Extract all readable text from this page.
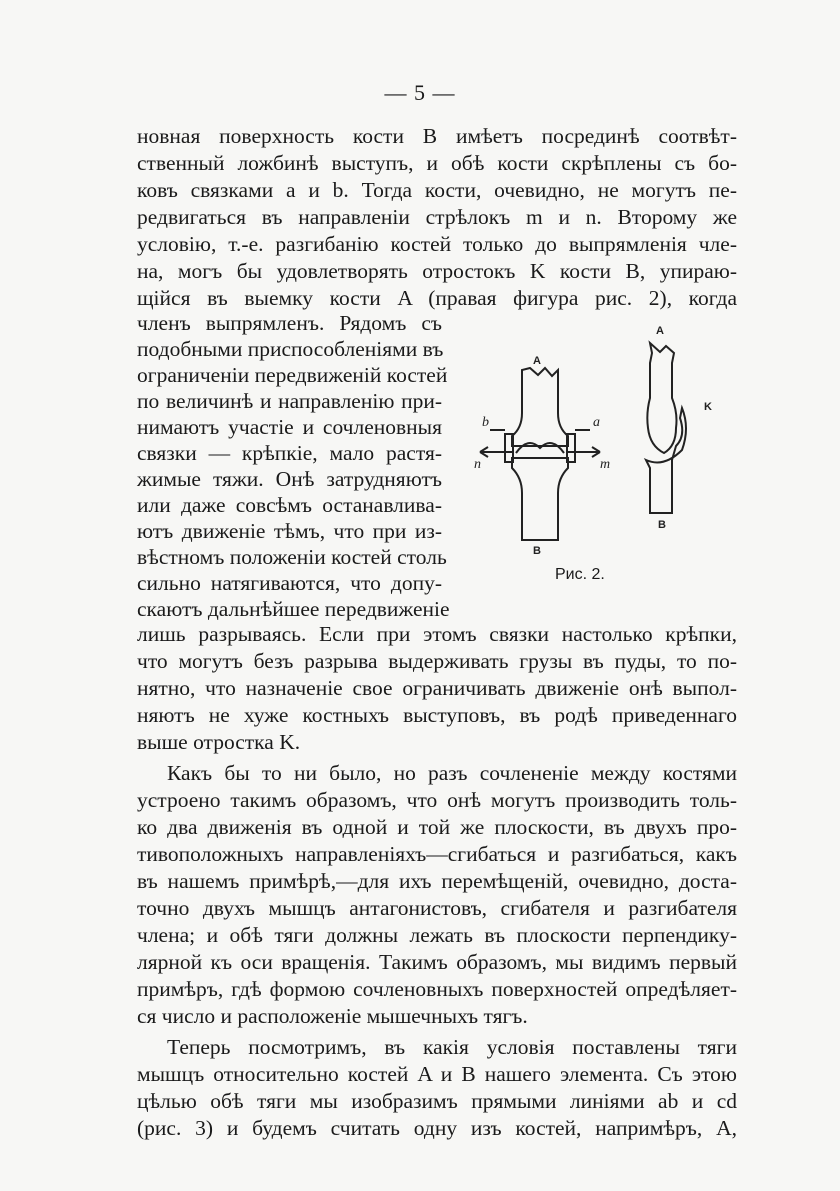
— 5 —
новная поверхность кости B имѣетъ посрединѣ соотвѣт-
ственный ложбинѣ выступъ, и обѣ кости скрѣплены съ бо-
ковъ связками a и b. Тогда кости, очевидно, не могутъ пе-
редвигаться въ направленіи стрѣлокъ m и n. Второму же
условію, т.-е. разгибанію костей только до выпрямленія чле-
на, могъ бы удовлетворять отростокъ K кости B, упираю-
щійся въ выемку кости A (правая фигура рис. 2), когда
членъ выпрямленъ. Рядомъ съ
подобными приспособленіями въ
ограниченіи передвиженій костей
по величинѣ и направленію при-
нимаютъ участіе и сочленовныя
связки — крѣпкіе, мало растя-
жимые тяжи. Онѣ затрудняютъ
или даже совсѣмъ останавлива-
ютъ движеніе тѣмъ, что при из-
вѣстномъ положеніи костей столь
сильно натягиваются, что допу-
скаютъ дальнѣйшее передвиженіе
лишь разрываясь. Если при этомъ связки настолько крѣпки,
что могутъ безъ разрыва выдерживать грузы въ пуды, то по-
нятно, что назначеніе свое ограничивать движеніе онѣ выпол-
няютъ не хуже костныхъ выступовъ, въ родѣ приведеннаго
выше отростка K.
Какъ бы то ни было, но разъ сочлененіе между костями
устроено такимъ образомъ, что онѣ могутъ производить толь-
ко два движенія въ одной и той же плоскости, въ двухъ про-
тивоположныхъ направленіяхъ—сгибаться и разгибаться, какъ
въ нашемъ примѣрѣ,—для ихъ перемѣщеній, очевидно, доста-
точно двухъ мышцъ антагонистовъ, сгибателя и разгибателя
члена; и обѣ тяги должны лежать въ плоскости перпендику-
лярной къ оси вращенія. Такимъ образомъ, мы видимъ первый
примѣръ, гдѣ формою сочленовныхъ поверхностей опредѣляет-
ся число и расположеніе мышечныхъ тягъ.
Теперь посмотримъ, въ какія условія поставлены тяги
мышцъ относительно костей A и B нашего элемента. Съ этою
цѣлью обѣ тяги мы изобразимъ прямыми линіями ab и cd
(рис. 3) и будемъ считать одну изъ костей, напримѣръ, A,
A
B
A
B
K
b	a
n	m
Рис. 2.
